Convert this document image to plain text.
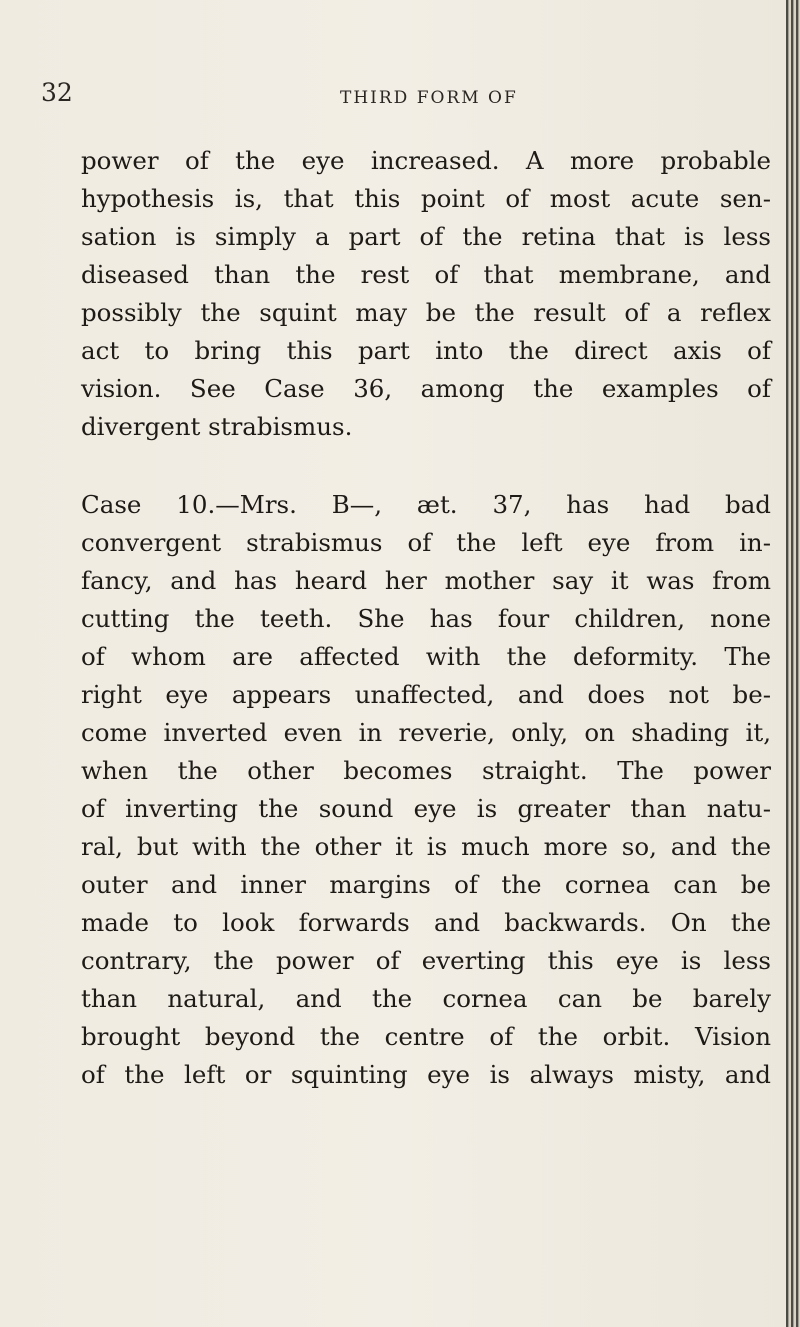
32	THIRD FORM OF
power of the eye increased. A more probable
hypothesis is, that this point of most acute sen-
sation is simply a part of the retina that is less
diseased than the rest of that membrane, and
possibly the squint may be the result of a reflex
act to bring this part into the direct axis of
vision. See Case 36, among the examples of
divergent strabismus.
Case 10.—Mrs. B—, æt. 37, has had bad
convergent strabismus of the left eye from in-
fancy, and has heard her mother say it was from
cutting the teeth. She has four children, none
of whom are affected with the deformity. The
right eye appears unaffected, and does not be-
come inverted even in reverie, only, on shading it,
when the other becomes straight. The power
of inverting the sound eye is greater than natu-
ral, but with the other it is much more so, and the
outer and inner margins of the cornea can be
made to look forwards and backwards. On the
contrary, the power of everting this eye is less
than natural, and the cornea can be barely
brought beyond the centre of the orbit. Vision
of the left or squinting eye is always misty, and
